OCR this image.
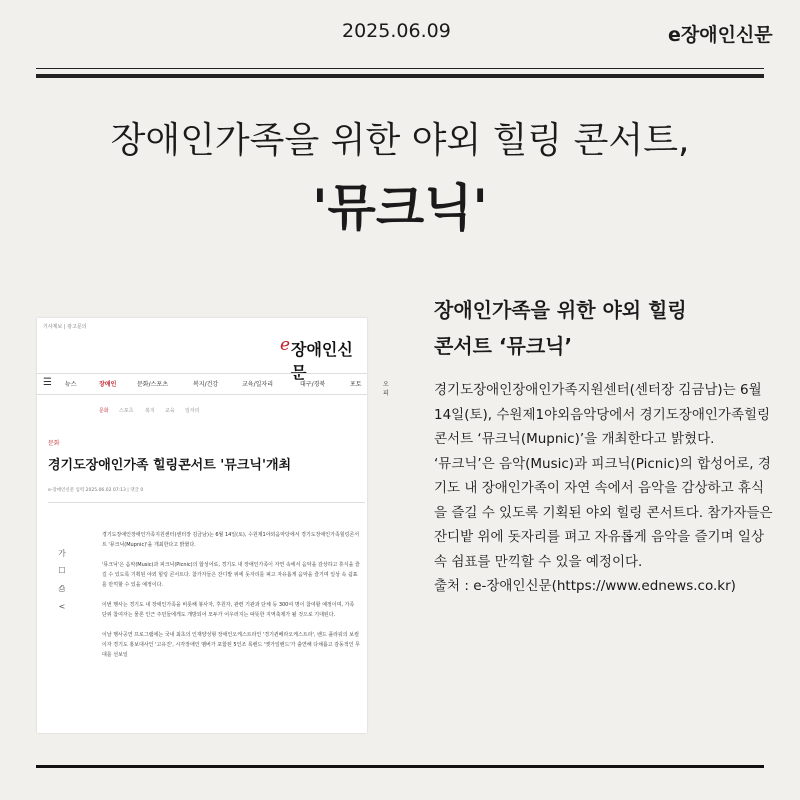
2025.06.09	e장애인신문
장애인가족을 위한 야외 힐링 콘서트,
'뮤크닉'
기사제보 | 광고문의
e 장애인신문
☰ 뉴스	장애인	문화/스포츠	복지/건강	교육/일자리	대구/경북	포토	오피
문화 스포츠 복지 교육 일자리
문화
경기도장애인가족 힐링콘서트 '뮤크닉'개최
e-장애인신문 입력 2025.06.02 07:13 | 댓글 0
가
☐
⎙
<

경기도장애인장애인가족지원센터(센터장 김금남)는 6월 14일(토), 수원제1야외음악당에서 경기도장애인가족힐링콘서트 '뮤크닉(Mupnic)'을 개최한다고 밝혔다.

'뮤크닉'은 음악(Music)과 피크닉(Picnic)의 합성어로, 경기도 내 장애인가족이 자연 속에서 음악을 감상하고 휴식을 즐길 수 있도록 기획된 야외 힐링 콘서트다. 참가자들은 잔디밭 위에 돗자리를 펴고 자유롭게 음악을 즐기며 일상 속 쉼표를 만끽할 수 있을 예정이다.

이번 행사는 경기도 내 장애인가족을 비롯해 봉사자, 후원자, 관련 기관과 단체 등 300여 명이 참여할 예정이며, 가족 단위 참여자는 물론 인근 주민들에게도 개방되어 모두가 어우러지는 따뜻한 지역축제가 될 것으로 기대된다.

이날 행사공연 프로그램에는 국내 최초의 인재양성형 장애인오케스트라인 '경기퀸베라오케스트라', 밴드 플라워의 보컬이자 경기도 홍보대사인 '고유진', 시각장애인 멤버가 포함된 5인조 록밴드 '옛가일밴드'가 출연해 다채롭고 감동적인 무대를 선보일

장애인가족을 위한 야외 힐링
콘서트 ‘뮤크닉’

경기도장애인장애인가족지원센터(센터장 김금남)는 6월 14일(토), 수원제1야외음악당에서 경기도장애인가족힐링콘서트 ‘뮤크닉(Mupnic)’을 개최한다고 밝혔다.

‘뮤크닉’은 음악(Music)과 피크닉(Picnic)의 합성어로, 경기도 내 장애인가족이 자연 속에서 음악을 감상하고 휴식을 즐길 수 있도록 기획된 야외 힐링 콘서트다. 참가자들은 잔디밭 위에 돗자리를 펴고 자유롭게 음악을 즐기며 일상 속 쉼표를 만끽할 수 있을 예정이다.

출처 : e-장애인신문(https://www.ednews.co.kr)
